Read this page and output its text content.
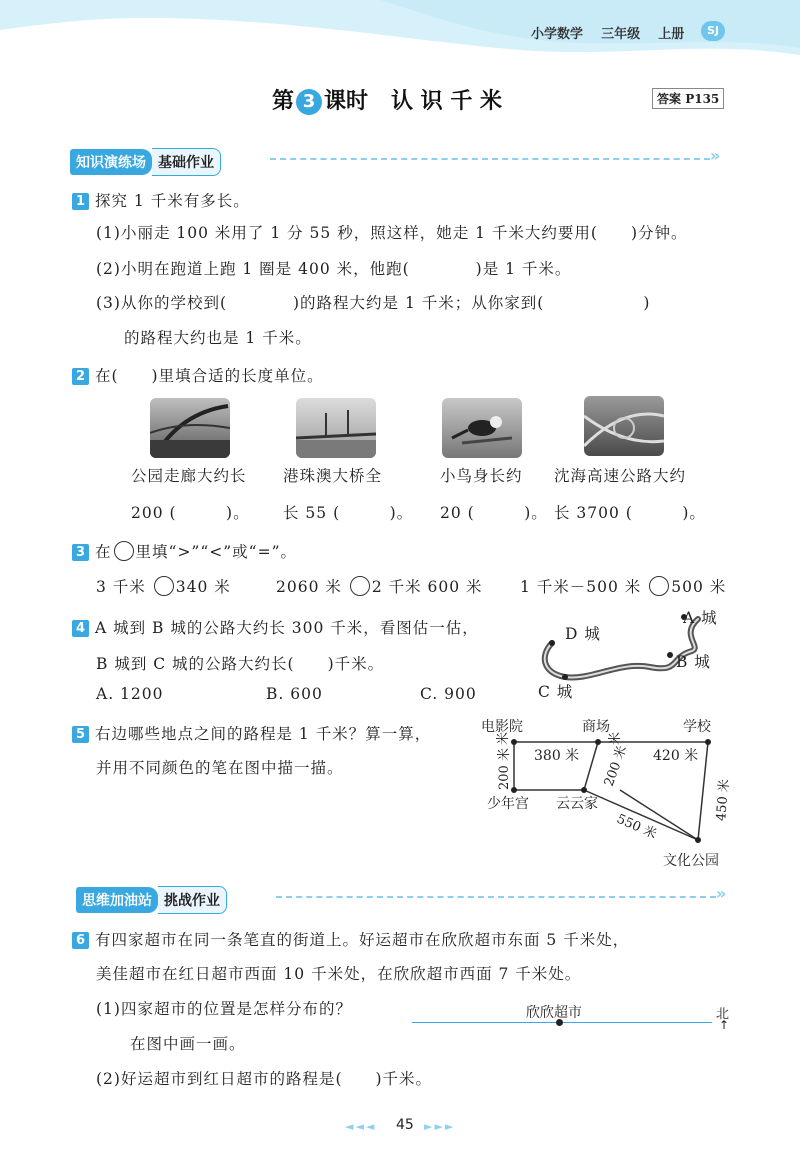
小学数学 三年级 上册	SJ
第 3 课时 认 识 千 米	答案 P135
知识演练场 基础作业	»
1 探究 1 千米有多长。
(1)小丽走 100 米用了 1 分 55 秒，照这样，她走 1 千米大约要用(　　)分钟。
(2)小明在跑道上跑 1 圈是 400 米，他跑(　　　　)是 1 千米。
(3)从你的学校到(　　　　)的路程大约是 1 千米；从你家到(　　　　　　)
的路程大约也是 1 千米。
2 在(　　)里填合适的长度单位。
公园走廊大约长
200 (　　　)。
港珠澳大桥全
长 55 (　　　)。
小鸟身长约
20 (　　　)。
沈海高速公路大约
长 3700 (　　　)。
3 在 里填“>”“<”或“=”。
3 千米 340 米	2060 米 2 千米 600 米 1 千米－500 米 500 米
4 A 城到 B 城的公路大约长 300 千米，看图估一估，
B 城到 C 城的公路大约长(　　)千米。
A. 1200	B. 600	C. 900
D 城
A 城
B 城
C 城
5 右边哪些地点之间的路程是 1 千米？算一算，
并用不同颜色的笔在图中描一描。
电影院	商场	学校
少年宫 云云家
文化公园
380 米	420 米
米	米
200 米	200 米
450 米
550 米
思维加油站 挑战作业	»
6 有四家超市在同一条笔直的街道上。好运超市在欣欣超市东面 5 千米处，
美佳超市在红日超市西面 10 千米处，在欣欣超市西面 7 千米处。
(1)四家超市的位置是怎样分布的？
在图中画一画。
(2)好运超市到红日超市的路程是(　　)千米。
欣欣超市	北
↑
◄◄◄ 45 ►►►
